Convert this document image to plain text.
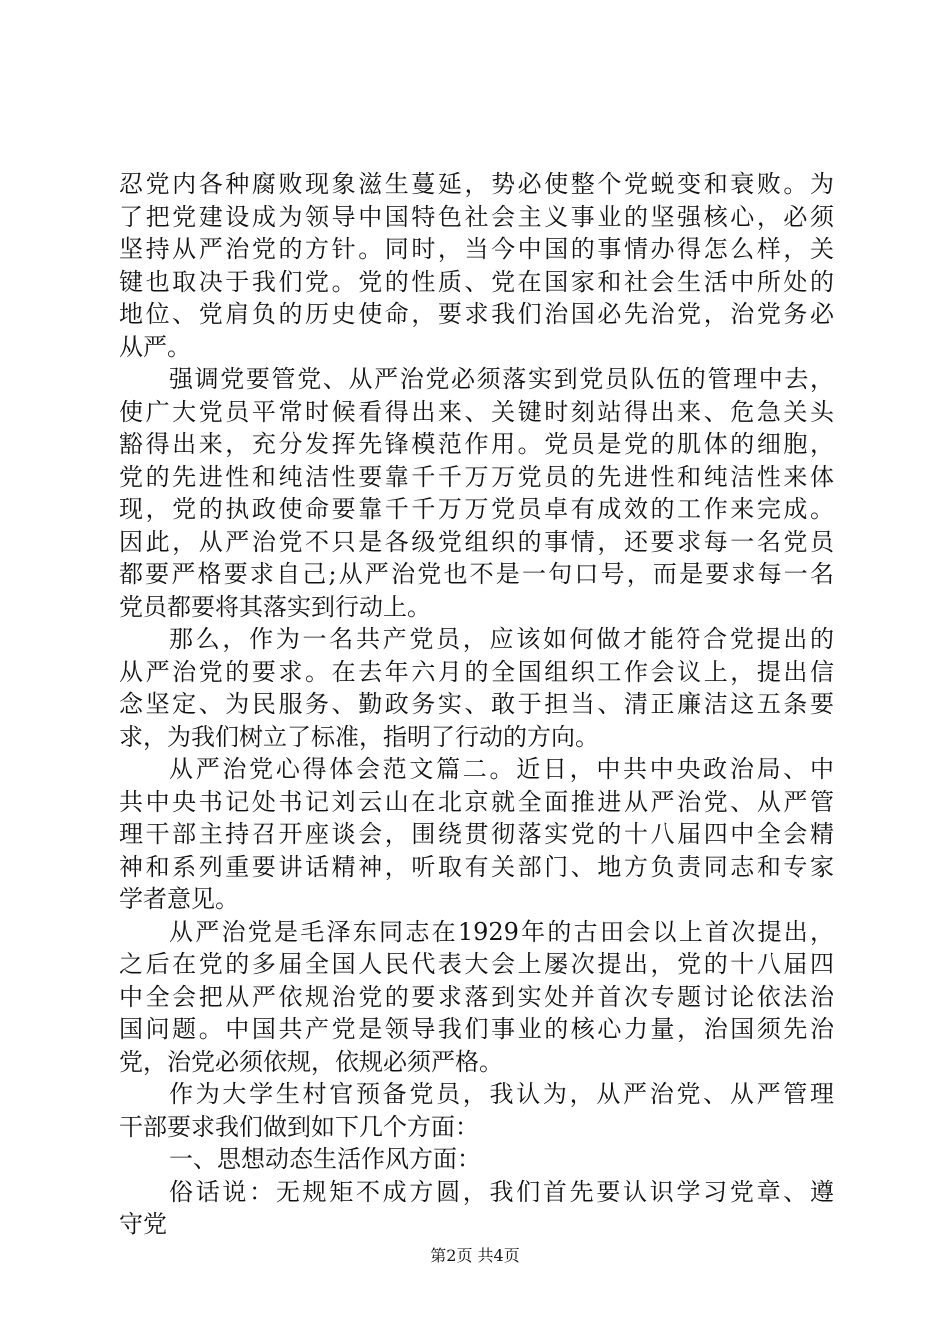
忍党内各种腐败现象滋生蔓延，势必使整个党蜕变和衰败。为
了把党建设成为领导中国特色社会主义事业的坚强核心，必须
坚持从严治党的方针。同时，当今中国的事情办得怎么样，关
键也取决于我们党。党的性质、党在国家和社会生活中所处的
地位、党肩负的历史使命，要求我们治国必先治党，治党务必
从严。
强调党要管党、从严治党必须落实到党员队伍的管理中去，
使广大党员平常时候看得出来、关键时刻站得出来、危急关头
豁得出来，充分发挥先锋模范作用。党员是党的肌体的细胞，
党的先进性和纯洁性要靠千千万万党员的先进性和纯洁性来体
现，党的执政使命要靠千千万万党员卓有成效的工作来完成。
因此，从严治党不只是各级党组织的事情，还要求每一名党员
都要严格要求自己;从严治党也不是一句口号，而是要求每一名
党员都要将其落实到行动上。
那么，作为一名共产党员，应该如何做才能符合党提出的
从严治党的要求。在去年六月的全国组织工作会议上，提出信
念坚定、为民服务、勤政务实、敢于担当、清正廉洁这五条要
求，为我们树立了标准，指明了行动的方向。
从严治党心得体会范文篇二。近日，中共中央政治局、中
共中央书记处书记刘云山在北京就全面推进从严治党、从严管
理干部主持召开座谈会，围绕贯彻落实党的十八届四中全会精
神和系列重要讲话精神，听取有关部门、地方负责同志和专家
学者意见。
从严治党是毛泽东同志在1929年的古田会以上首次提出，
之后在党的多届全国人民代表大会上屡次提出，党的十八届四
中全会把从严依规治党的要求落到实处并首次专题讨论依法治
国问题。中国共产党是领导我们事业的核心力量，治国须先治
党，治党必须依规，依规必须严格。
作为大学生村官预备党员，我认为，从严治党、从严管理
干部要求我们做到如下几个方面：
一、思想动态生活作风方面：
俗话说：无规矩不成方圆，我们首先要认识学习党章、遵
守党
第2页 共4页
